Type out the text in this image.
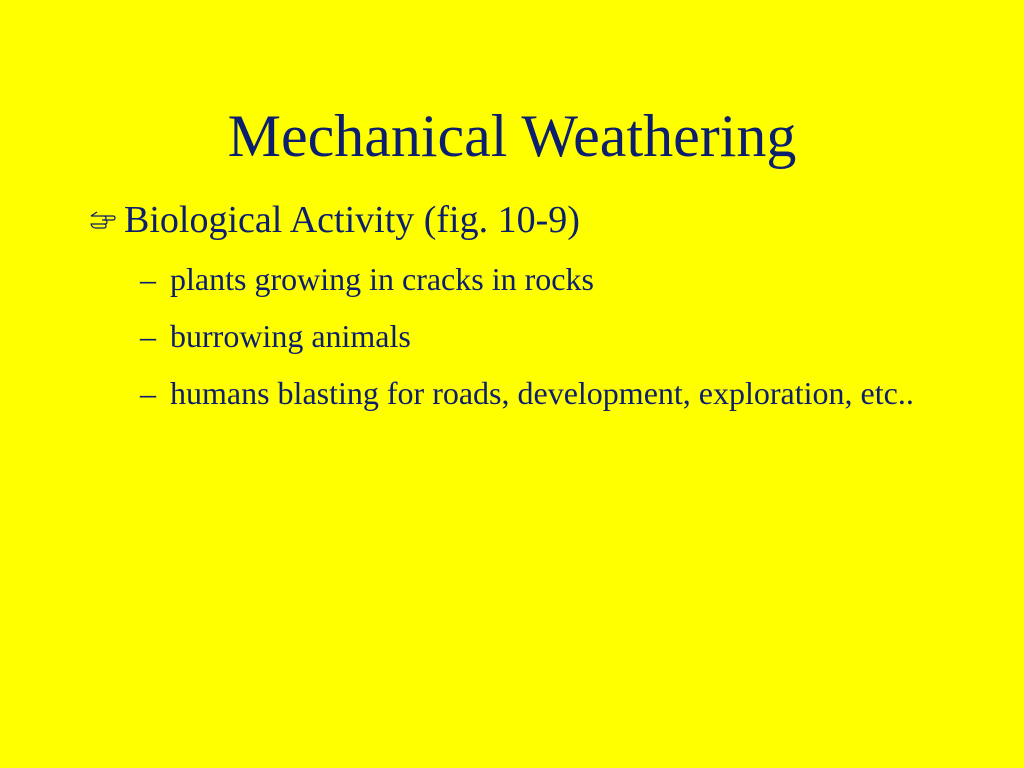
Mechanical Weathering
Biological Activity (fig. 10-9)
– plants growing in cracks in rocks
– burrowing animals
– humans blasting for roads, development, exploration, etc..
